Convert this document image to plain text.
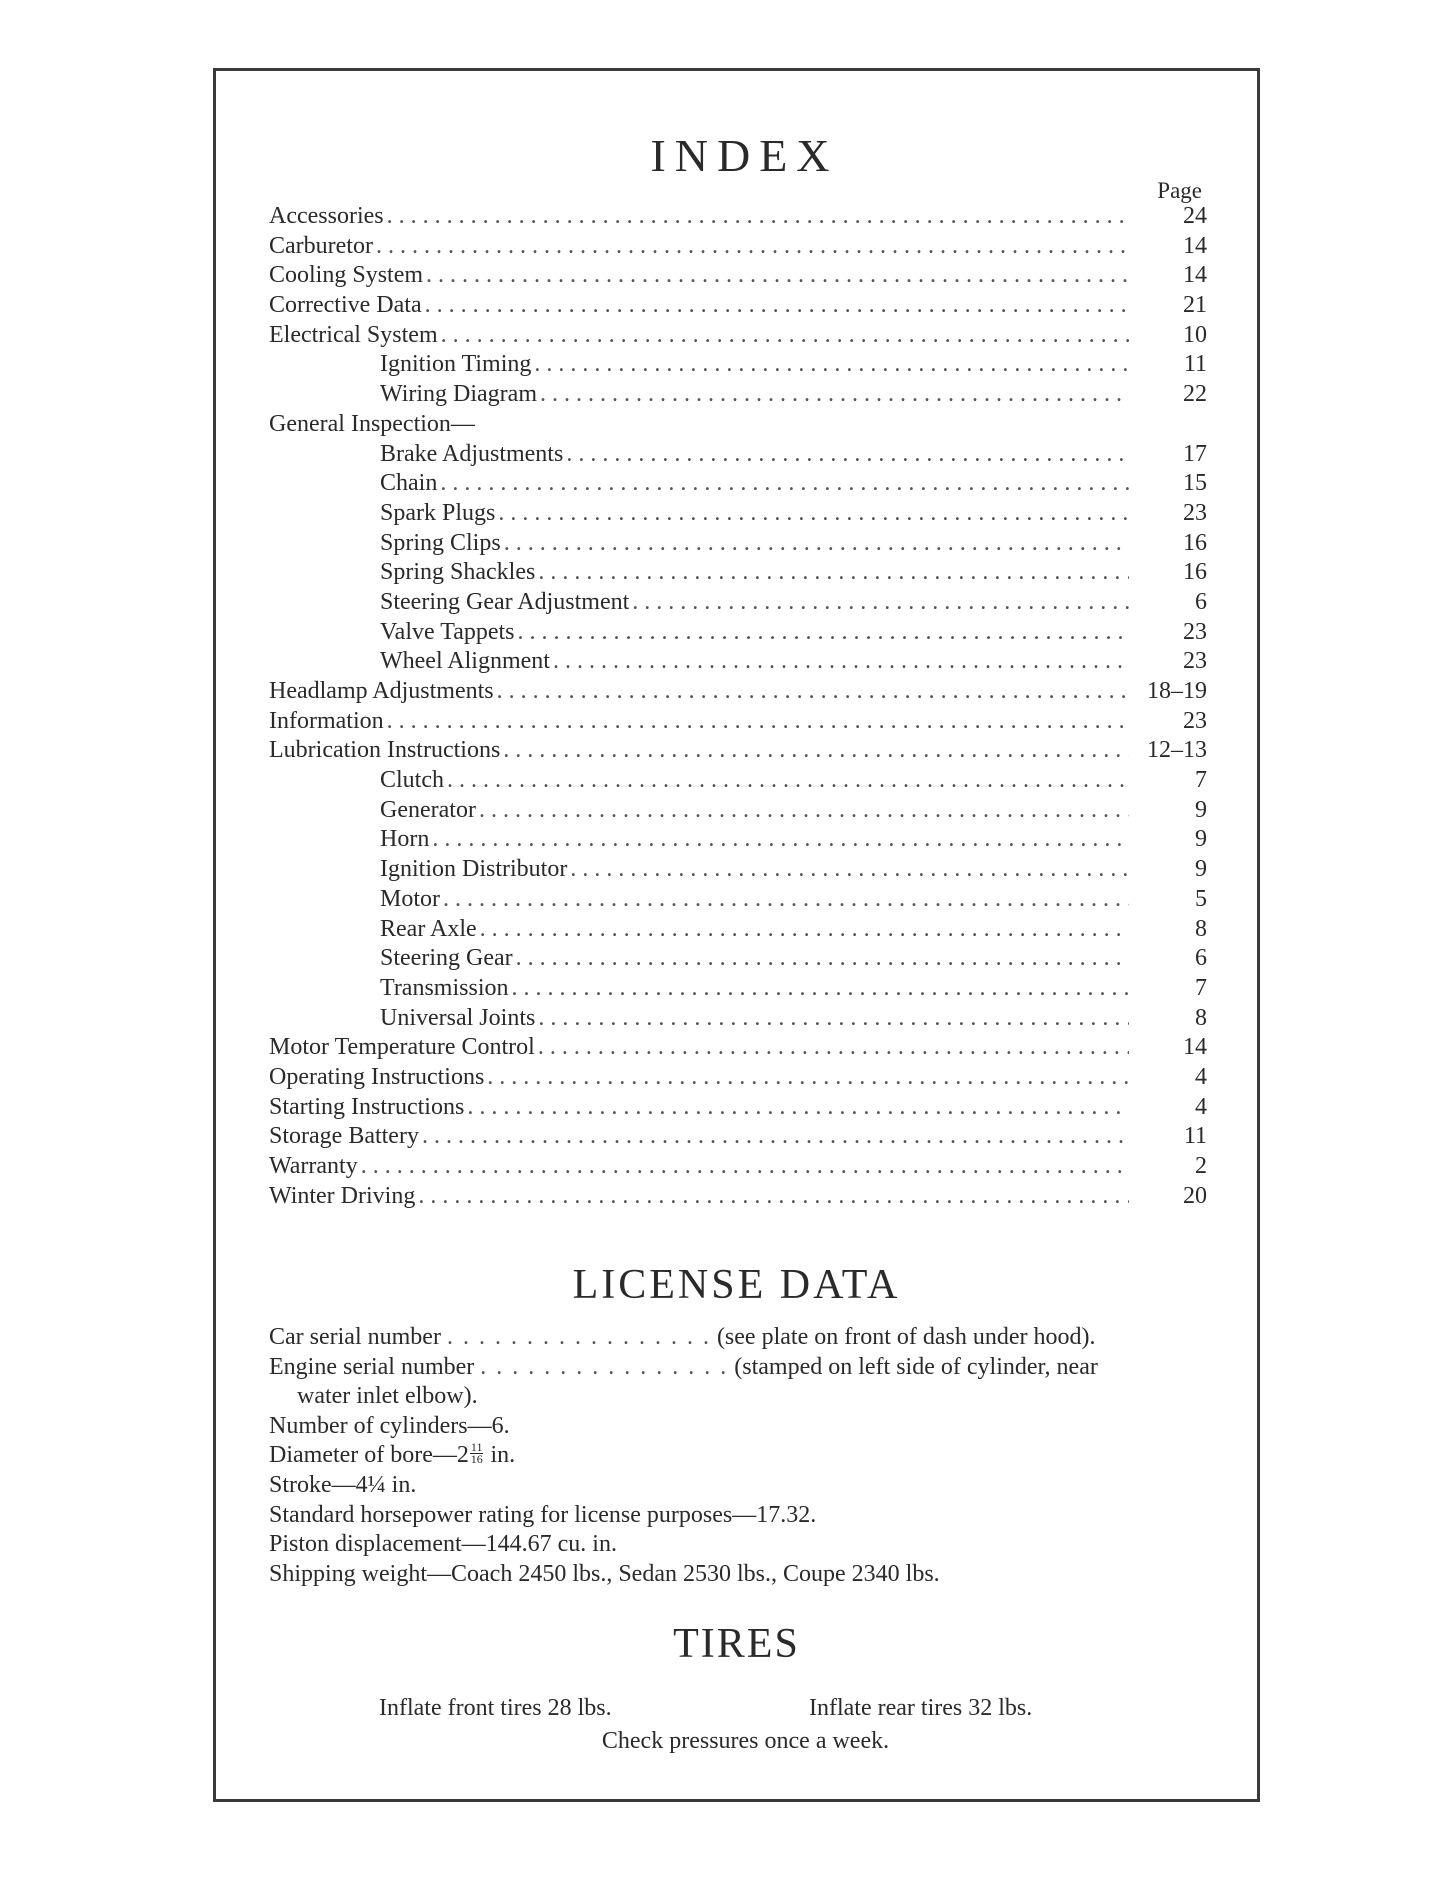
INDEX
Page
Accessories . . .	24
Carburetor . . .	14
Cooling System . . .	14
Corrective Data . . .	21
Electrical System . . .	10
Ignition Timing . . .	11
Wiring Diagram . . .	22
General Inspection—
Brake Adjustments . . .	17
Chain . . .	15
Spark Plugs . . .	23
Spring Clips . . .	16
Spring Shackles . . .	16
Steering Gear Adjustment . . .	6
Valve Tappets . . .	23
Wheel Alignment . . .	23
Headlamp Adjustments . . .	18–19
Information . . .	23
Lubrication Instructions . . .	12–13
Clutch . . .	7
Generator . . .	9
Horn . . .	9
Ignition Distributor . . .	9
Motor . . .	5
Rear Axle . . .	8
Steering Gear . . .	6
Transmission . . .	7
Universal Joints . . .	8
Motor Temperature Control . . .	14
Operating Instructions . . .	4
Starting Instructions . . .	4
Storage Battery . . .	11
Warranty . . .	2
Winter Driving . . .	20
LICENSE DATA
Car serial number . . . . . . . . . . . . . . . . . (see plate on front of dash under hood).
Engine serial number . . . . . . . . . . . . . . . . (stamped on left side of cylinder, near
water inlet elbow).
Number of cylinders—6.
Diameter of bore—2 $\frac{11}{16}$ in.
Stroke—4¼ in.
Standard horsepower rating for license purposes—17.32.
Piston displacement—144.67 cu. in.
Shipping weight—Coach 2450 lbs., Sedan 2530 lbs., Coupe 2340 lbs.
TIRES
Inflate front tires 28 lbs.	Inflate rear tires 32 lbs.
Check pressures once a week.
